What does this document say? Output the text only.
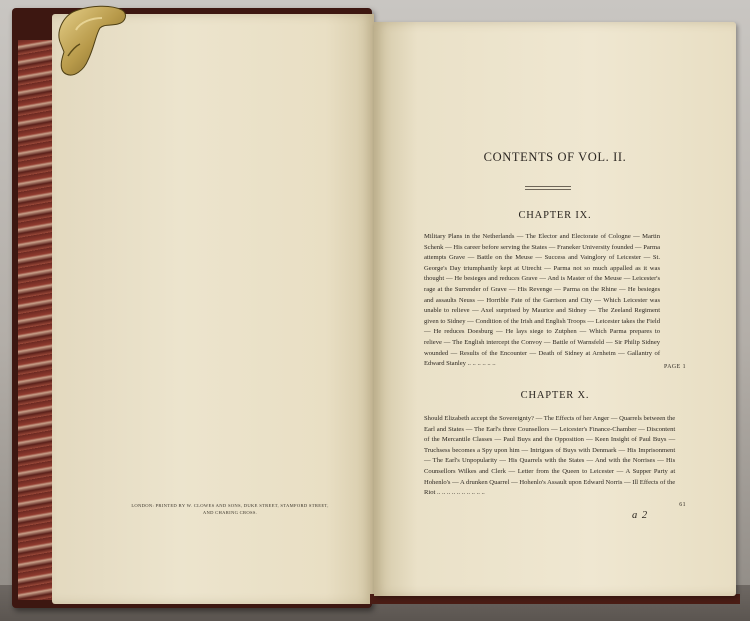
LONDON: PRINTED BY W. CLOWES AND SONS, DUKE STREET, STAMFORD STREET,
AND CHARING CROSS.
CONTENTS OF VOL. II.
CHAPTER IX.
PAGE 1
Military Plans in the Netherlands — The Elector and Electorate of Cologne — Martin Schenk — His career before serving the States — Franeker University founded — Parma attempts Grave — Battle on the Meuse — Success and Vainglory of Leicester — St. George's Day triumphantly kept at Utrecht — Parma not so much appalled as it was thought — He besieges and reduces Grave — And is Master of the Meuse — Leicester's rage at the Surrender of Grave — His Revenge — Parma on the Rhine — He besieges and assaults Neuss — Horrible Fate of the Garrison and City — Which Leicester was unable to relieve — Axel surprised by Maurice and Sidney — The Zeeland Regiment given to Sidney — Condition of the Irish and English Troops — Leicester takes the Field — He reduces Doesburg — He lays siege to Zutphen — Which Parma prepares to relieve — The English intercept the Convoy — Battle of Warnsfeld — Sir Philip Sidney wounded — Results of the Encounter — Death of Sidney at Arnheim — Gallantry of Edward Stanley .. .. .. .. .. ..
CHAPTER X.
61
Should Elizabeth accept the Sovereignty? — The Effects of her Anger — Quarrels between the Earl and States — The Earl's three Counsellors — Leicester's Finance-Chamber — Discontent of the Mercantile Classes — Paul Buys and the Opposition — Keen Insight of Paul Buys — Truchsess becomes a Spy upon him — Intrigues of Buys with Denmark — His Imprisonment — The Earl's Unpopularity — His Quarrels with the States — And with the Norrises — His Counsellors Wilkes and Clerk — Letter from the Queen to Leicester — A Supper Party at Hohenlo's — A drunken Quarrel — Hohenlo's Assault upon Edward Norris — Ill Effects of the Riot .. .. .. .. .. .. .. .. .. ..
a 2
